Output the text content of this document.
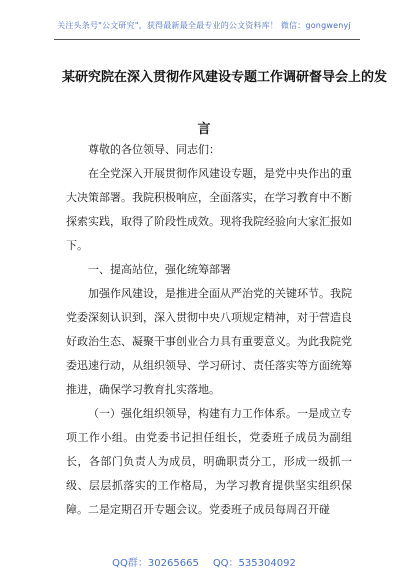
关注头条号"公文研究"，获得最新最全最专业的公文资料库！ 微信：gongwenyj
某研究院在深入贯彻作风建设专题工作调研督导会上的发
言
尊敬的各位领导、同志们：
在全党深入开展贯彻作风建设专题，是党中央作出的重大决策部署。我院积极响应，全面落实，在学习教育中不断探索实践，取得了阶段性成效。现将我院经验向大家汇报如下。
一、提高站位，强化统筹部署
加强作风建设，是推进全面从严治党的关键环节。我院党委深刻认识到，深入贯彻中央八项规定精神，对于营造良好政治生态、凝聚干事创业合力具有重要意义。为此我院党委迅速行动，从组织领导、学习研讨、责任落实等方面统筹推进，确保学习教育扎实落地。
（一）强化组织领导，构建有力工作体系。一是成立专项工作小组。由党委书记担任组长，党委班子成员为副组长，各部门负责人为成员，明确职责分工，形成一级抓一级、层层抓落实的工作格局，为学习教育提供坚实组织保障。二是定期召开专题会议。党委班子成员每周召开碰
QQ群：30265665 QQ：535304092
